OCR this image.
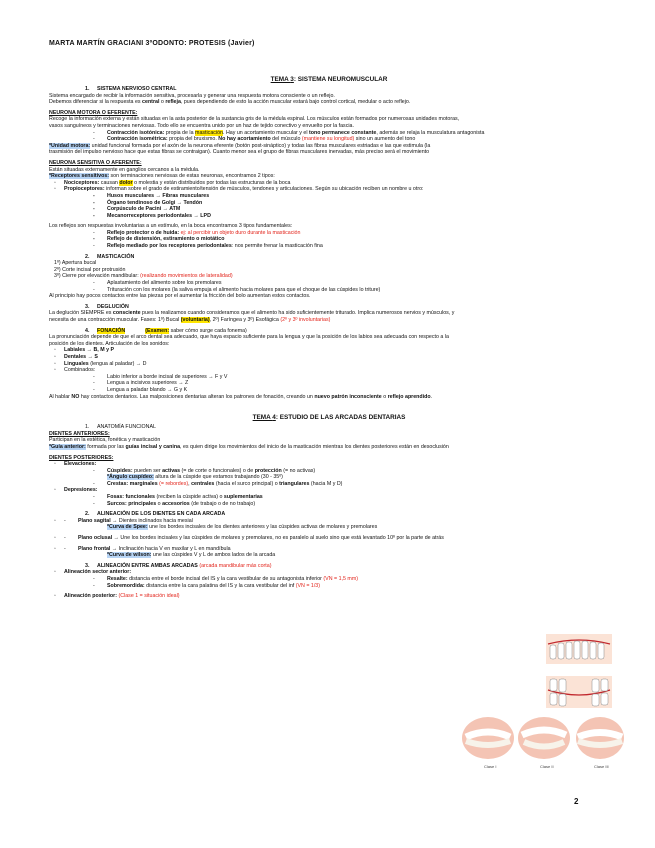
MARTA MARTÍN GRACIANI 3ºODONTO: PROTESIS (Javier)

TEMA 3: SISTEMA NEUROMUSCULAR

1. SISTEMA NERVIOSO CENTRAL

Sistema encargado de recibir la información sensitiva, procesarla y generar una respuesta motora consciente o un reflejo.

Debemos diferenciar si la respuesta es central o refleja, pues dependiendo de esto la acción muscular estará bajo control cortical, medular o acto reflejo.

NEURONA MOTORA O EFERENTE:

Recoge la información externa y están situadas en la asta posterior de la sustancia gris de la médula espinal. Los músculos están formados por numerosas unidades motoras,

vasos sanguíneos y terminaciones nerviosas. Todo ello se encuentra unido por un haz de tejido conectivo y envuelto por la fascia.

- Contracción isotónica: propia de la masticación. Hay un acortamiento muscular y el tono permanece constante, además se relaja la musculatura antagonista

- Contracción isométrica: propia del bruxismo. No hay acortamiento del músculo (mantiene su longitud) sino un aumento del tono

*Unidad motora: unidad funcional formada por el axón de la neurona eferente (botón post-sináptico) y todas las fibras musculares estriadas e las que estimula (la

trasmisión del impulso nervioso hace que estas fibras se contraigan). Cuanto menor sea el grupo de fibras musculares inervadas, más preciso será el movimiento

NEURONA SENSITIVA O AFERENTE:

Están situadas externamente en ganglios cercanos a la médula.

*Receptores sensitivos: son terminaciones nerviosas de estas neuronas, encontramos 2 tipos:

◦ Nociceptores: causan dolor o molestia y están distribuidos por todas las estructuras de la boca

◦ Propioceptores: informan sobre el grado de estiramiento/tensión de músculos, tendones y articulaciones. Según su ubicación reciben un nombre u otro:

- Husos musculares → Fibras musculares

- Órgano tendinoso de Golgi → Tendón

- Corpúsculo de Pacini → ATM

- Mecanorreceptores periodontales → LPD

Los reflejos son respuestas involuntarias a un estímulo, en la boca encontramos 3 tipos fundamentales:

- Reflejo protector o de huida: ej: al percibir un objeto duro durante la masticación

- Reflejo de distensión, estiramiento o miotático

- Reflejo mediado por los receptores periodontales: nos permite frenar la masticación fina

2. MASTICACIÓN

1º) Apertura bucal

2º) Corte incisal por protrusión

3º) Cierre por elevación mandibular: (realizando movimientos de lateralidad)

- Aplastamiento del alimento sobre los premolares

- Trituración con los molares (la saliva empuja el alimento hacia molares para que el choque de las cúspides lo triture)

Al principio hay pocos contactos entre las piezas por el aumentar la fricción del bolo aumentan estos contactos.

3. DEGLUCIÓN

La deglución SIEMPRE es consciente pues la realizamos cuando consideramos que el alimento ha sido suficientemente triturado. Implica numerosos nervios y músculos, y

necesita de una contracción muscular. Fases: 1º) Bucal (voluntaria), 2º) Faríngea y 3º) Esofágica (2º y 3º involuntarias)

4. FONACIÓN	(Examen: saber cómo surge cada fonema)

La pronunciación depende de que el arco dental sea adecuado, que haya espacio suficiente para la lengua y que la posición de los labios sea adecuada con respecto a la

posición de los dientes. Articulación de los sonidos:

◦ Labiales → B, M y P

◦ Dentales → S

◦ Linguales (lengua al paladar) → D

◦ Combinados:

- Labio inferior a borde incisal de superiores → F y V

- Lengua a incisivos superiores → Z

- Lengua a paladar blando → G y K

Al hablar NO hay contactos dentarios. Las malposiciones dentarias alteran los patrones de fonación, creando un nuevo patrón inconsciente o reflejo aprendido.

TEMA 4: ESTUDIO DE LAS ARCADAS DENTARIAS

1. ANATOMÍA FUNCIONAL

DIENTES ANTERIORES:

Participan en la estética, fonética y masticación

*Guía anterior: formada por las guías incisal y canina, es quien dirige los movimientos del inicio de la masticación mientras los dientes posteriores están en desoclusión

DIENTES POSTERIORES:

◦ Elevaciones:

- Cúspides: pueden ser activas (= de corte o funcionales) o de protección (= no activas)

*Ángulo cuspídeo: altura de la cúspide que estamos trabajando (30 - 35º)

- Crestas: marginales (= rebordes), centrales (hacia el surco principal) o triangulares (hacia M y D)

◦ Depresiones:

- Fosas: funcionales (reciben la cúspide activa) o suplementarias

- Surcos: principales o accesorios (de trabajo o de no trabajo)

2. ALINEACIÓN DE LOS DIENTES EN CADA ARCADA

◦ - Plano sagital → Dientes inclinados hacia mesial

*Curva de Spee: une los bordes incisales de los dientes anteriores y las cúspides activas de molares y premolares

◦ - Plano oclusal → Une los bordes incisales y las cúspides de molares y premolares, no es paralelo al suelo sino que está levantado 10º por la parte de atrás

◦ - Plano frontal → Inclinación hacia V en maxilar y L en mandíbula

*Curva de wilson: une las cúspides V y L de ambos lados de la arcada

3. ALINEACIÓN ENTRE AMBAS ARCADAS (arcada mandibular más corta)

◦ Alineación sector anterior:

- Resalte: distancia entre el borde incisal del IS y la cara vestibular de su antagonista inferior (VN = 1,5 mm)

- Sobremordida: distancia entre la cara palatina del IS y la cara vestibular del inf (VN = 1/3)

◦ Alineación posterior: (Clase 1 = situación ideal)

Clase I	Clase II	Clase III
2
